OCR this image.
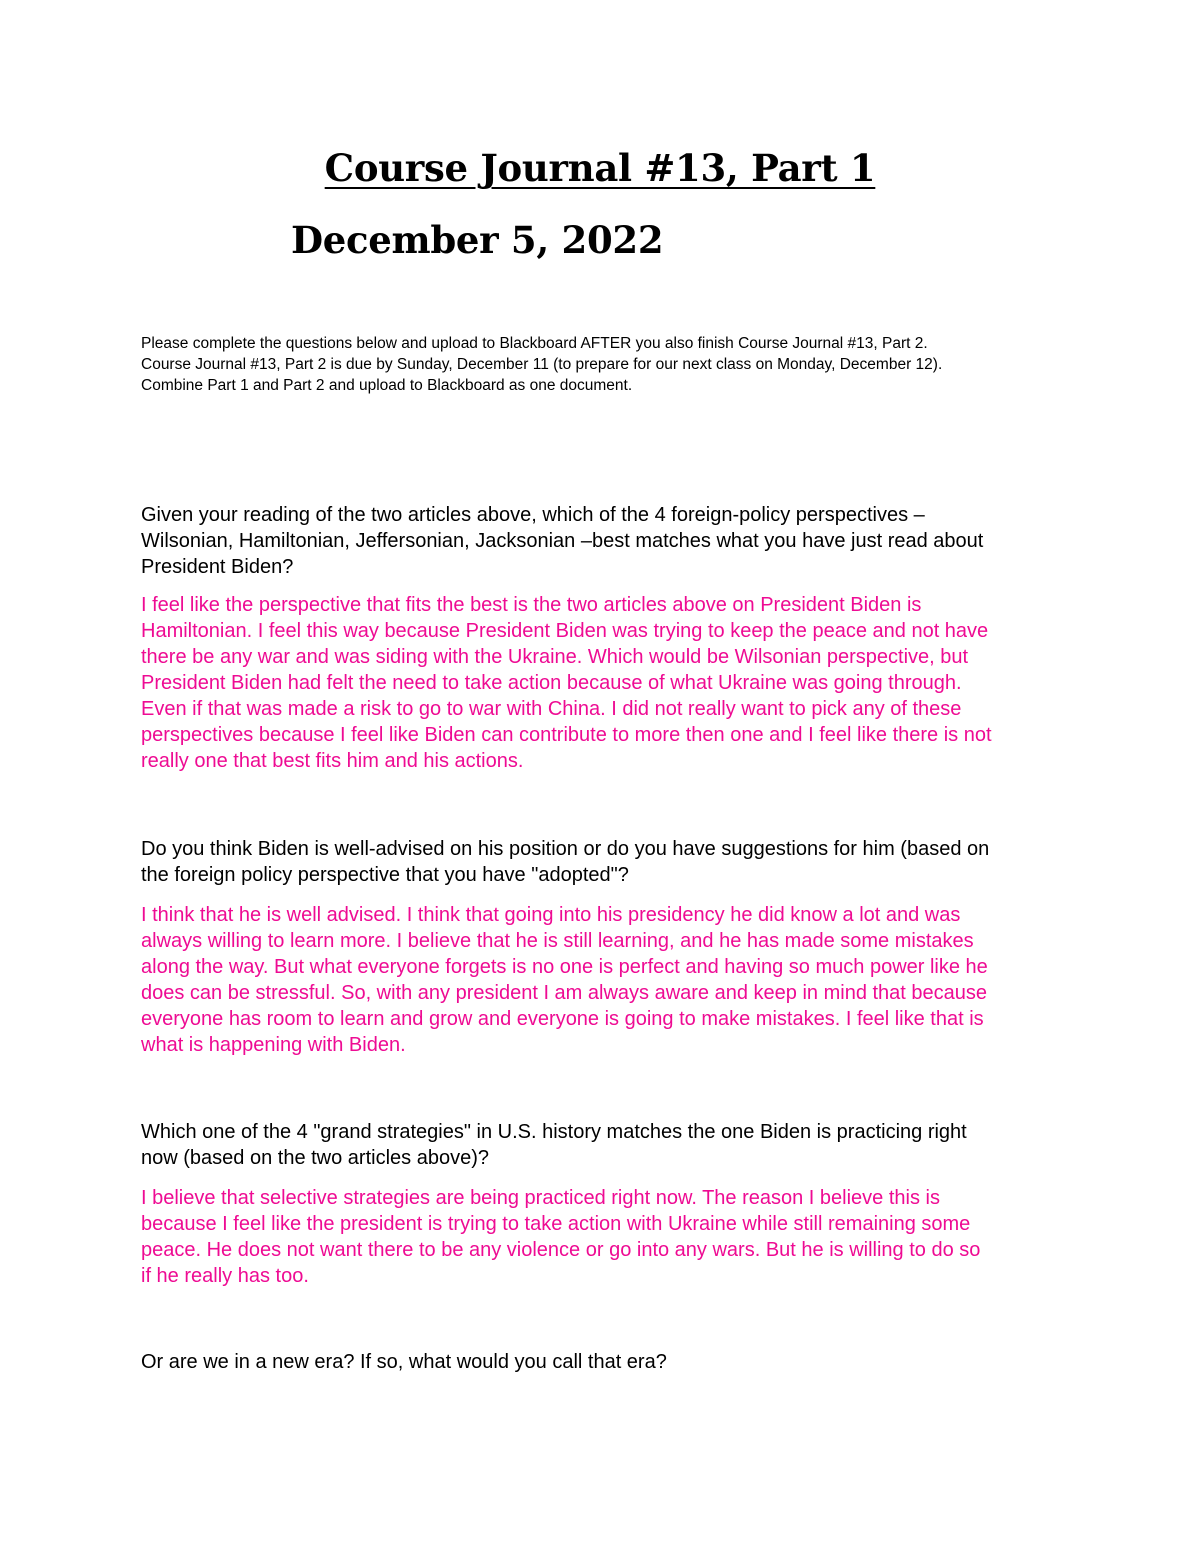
Course Journal #13, Part 1
December 5, 2022

Please complete the questions below and upload to Blackboard AFTER you also finish Course Journal #13, Part 2.

Course Journal #13, Part 2 is due by Sunday, December 11 (to prepare for our next class on Monday, December 12).

Combine Part 1 and Part 2 and upload to Blackboard as one document.

Given your reading of the two articles above, which of the 4 foreign-policy perspectives –
Wilsonian, Hamiltonian, Jeffersonian, Jacksonian –best matches what you have just read about
President Biden?
I feel like the perspective that fits the best is the two articles above on President Biden is
Hamiltonian. I feel this way because President Biden was trying to keep the peace and not have
there be any war and was siding with the Ukraine. Which would be Wilsonian perspective, but
President Biden had felt the need to take action because of what Ukraine was going through.
Even if that was made a risk to go to war with China. I did not really want to pick any of these
perspectives because I feel like Biden can contribute to more then one and I feel like there is not
really one that best fits him and his actions.
Do you think Biden is well-advised on his position or do you have suggestions for him (based on
the foreign policy perspective that you have "adopted"?
I think that he is well advised. I think that going into his presidency he did know a lot and was
always willing to learn more. I believe that he is still learning, and he has made some mistakes
along the way. But what everyone forgets is no one is perfect and having so much power like he
does can be stressful. So, with any president I am always aware and keep in mind that because
everyone has room to learn and grow and everyone is going to make mistakes. I feel like that is
what is happening with Biden.
Which one of the 4 "grand strategies" in U.S. history matches the one Biden is practicing right
now (based on the two articles above)?
I believe that selective strategies are being practiced right now. The reason I believe this is
because I feel like the president is trying to take action with Ukraine while still remaining some
peace. He does not want there to be any violence or go into any wars. But he is willing to do so
if he really has too.
Or are we in a new era? If so, what would you call that era?
